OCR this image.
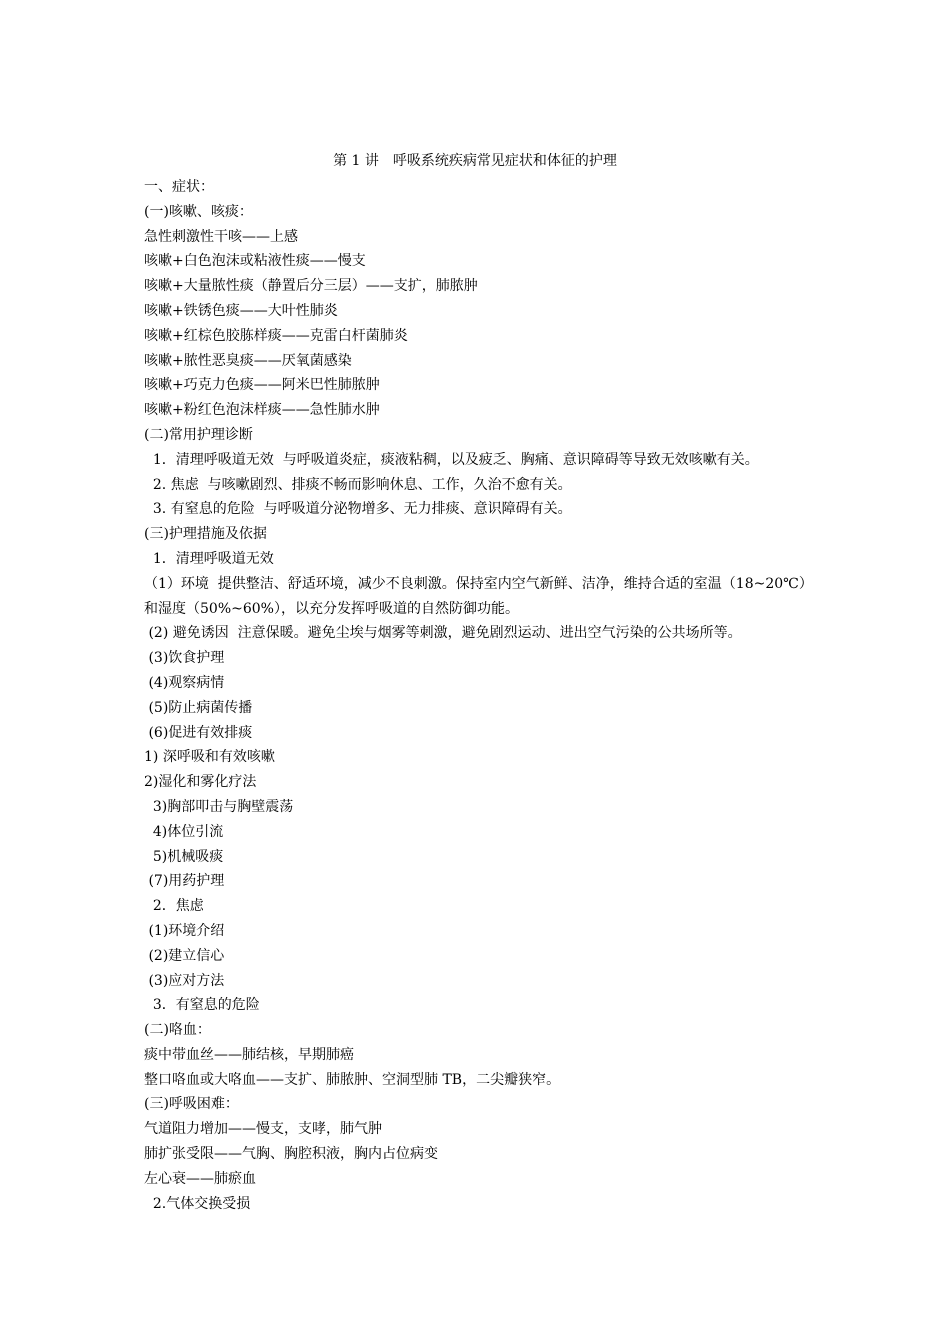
第 1 讲　呼吸系统疾病常见症状和体征的护理
一、症状：
(一)咳嗽、咳痰：
急性刺激性干咳——上感
咳嗽+白色泡沫或粘液性痰——慢支
咳嗽+大量脓性痰（静置后分三层）——支扩，肺脓肿
咳嗽+铁锈色痰——大叶性肺炎
咳嗽+红棕色胶胨样痰——克雷白杆菌肺炎
咳嗽+脓性恶臭痰——厌氧菌感染
咳嗽+巧克力色痰——阿米巴性肺脓肿
咳嗽+粉红色泡沫样痰——急性肺水肿
(二)常用护理诊断
1．清理呼吸道无效  与呼吸道炎症，痰液粘稠，以及疲乏、胸痛、意识障碍等导致无效咳嗽有关。
2. 焦虑  与咳嗽剧烈、排痰不畅而影响休息、工作，久治不愈有关。
3. 有窒息的危险  与呼吸道分泌物增多、无力排痰、意识障碍有关。
(三)护理措施及依据
1．清理呼吸道无效
（1）环境  提供整洁、舒适环境，减少不良刺激。保持室内空气新鲜、洁净，维持合适的室温（18~20℃）
和湿度（50%~60%），以充分发挥呼吸道的自然防御功能。
(2) 避免诱因  注意保暖。避免尘埃与烟雾等刺激，避免剧烈运动、进出空气污染的公共场所等。
(3)饮食护理
(4)观察病情
(5)防止病菌传播
(6)促进有效排痰
1) 深呼吸和有效咳嗽
2)湿化和雾化疗法
3)胸部叩击与胸壁震荡
4)体位引流
5)机械吸痰
(7)用药护理
2．焦虑
(1)环境介绍
(2)建立信心
(3)应对方法
3．有窒息的危险
(二)咯血：
痰中带血丝——肺结核，早期肺癌
整口咯血或大咯血——支扩、肺脓肿、空洞型肺 TB，二尖瓣狭窄。
(三)呼吸困难：
气道阻力增加——慢支，支哮，肺气肿
肺扩张受限——气胸、胸腔积液，胸内占位病变
左心衰——肺瘀血
2.气体交换受损
